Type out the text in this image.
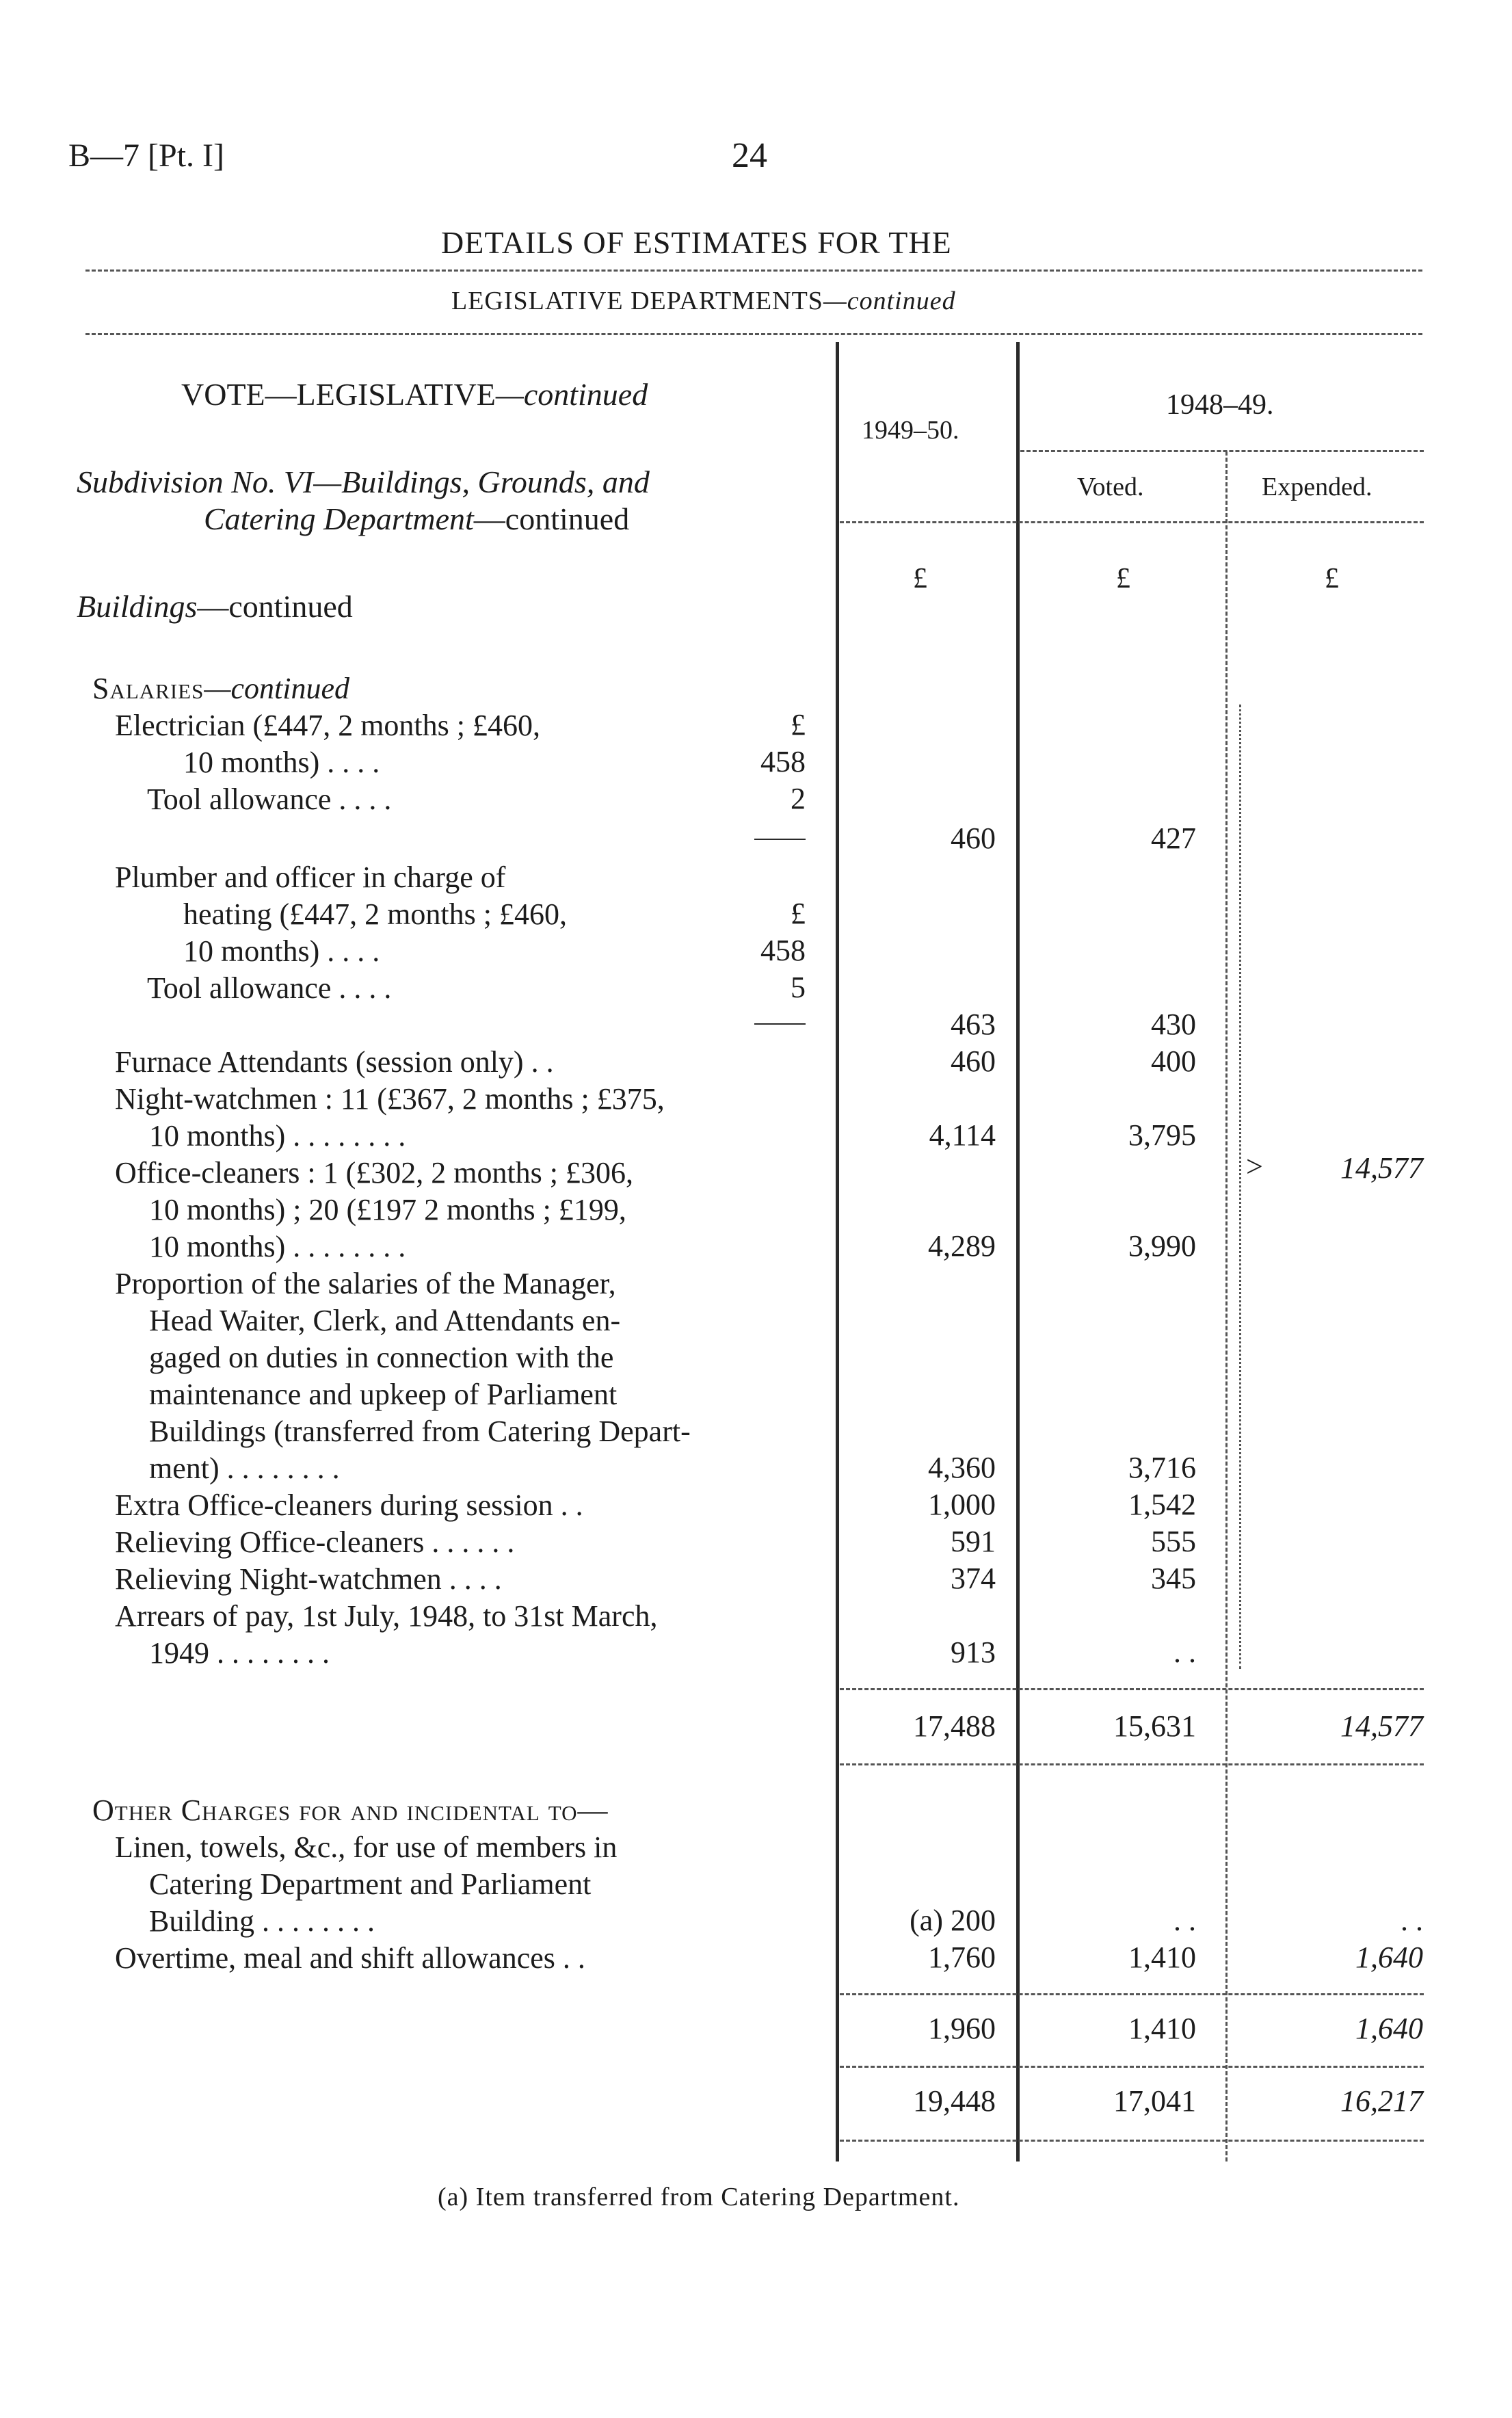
B—7 [Pt. I]	24
DETAILS OF ESTIMATES FOR THE
LEGISLATIVE DEPARTMENTS—continued
1949–50.
1948–49.
Voted.	Expended.
£	£	£
VOTE—LEGISLATIVE—continued
Subdivision No. VI—Buildings, Grounds, and
Catering Department—continued
Buildings—continued
Salaries—continued
Electrician (£447, 2 months ; £460,	£
10 months) . . . .	458
Tool allowance . . . .	2
460	427
Plumber and officer in charge of
heating (£447, 2 months ; £460,	£
10 months) . . . .	458
Tool allowance . . . .	5
463	430
Furnace Attendants (session only) . .	460	400
Night-watchmen : 11 (£367, 2 months ; £375,
10 months) . . . . . . . .	4,114	3,795
Office-cleaners : 1 (£302, 2 months ; £306,
10 months) ; 20 (£197 2 months ; £199,
10 months) . . . . . . . .	4,289	3,990
Proportion of the salaries of the Manager,
Head Waiter, Clerk, and Attendants en-
gaged on duties in connection with the
maintenance and upkeep of Parliament
Buildings (transferred from Catering Depart-
ment) . . . . . . . .	4,360	3,716
Extra Office-cleaners during session . .	1,000	1,542
Relieving Office-cleaners . . . . . .	591	555
Relieving Night-watchmen . . . .	374	345
Arrears of pay, 1st July, 1948, to 31st March,
1949 . . . . . . . .	913	. .
>	14,577
17,488	15,631	14,577
Other Charges for and incidental to—
Linen, towels, &c., for use of members in
Catering Department and Parliament
Building . . . . . . . .	(a) 200	. .	. .
Overtime, meal and shift allowances . .	1,760	1,410	1,640
1,960	1,410	1,640
19,448	17,041	16,217
(a) Item transferred from Catering Department.
